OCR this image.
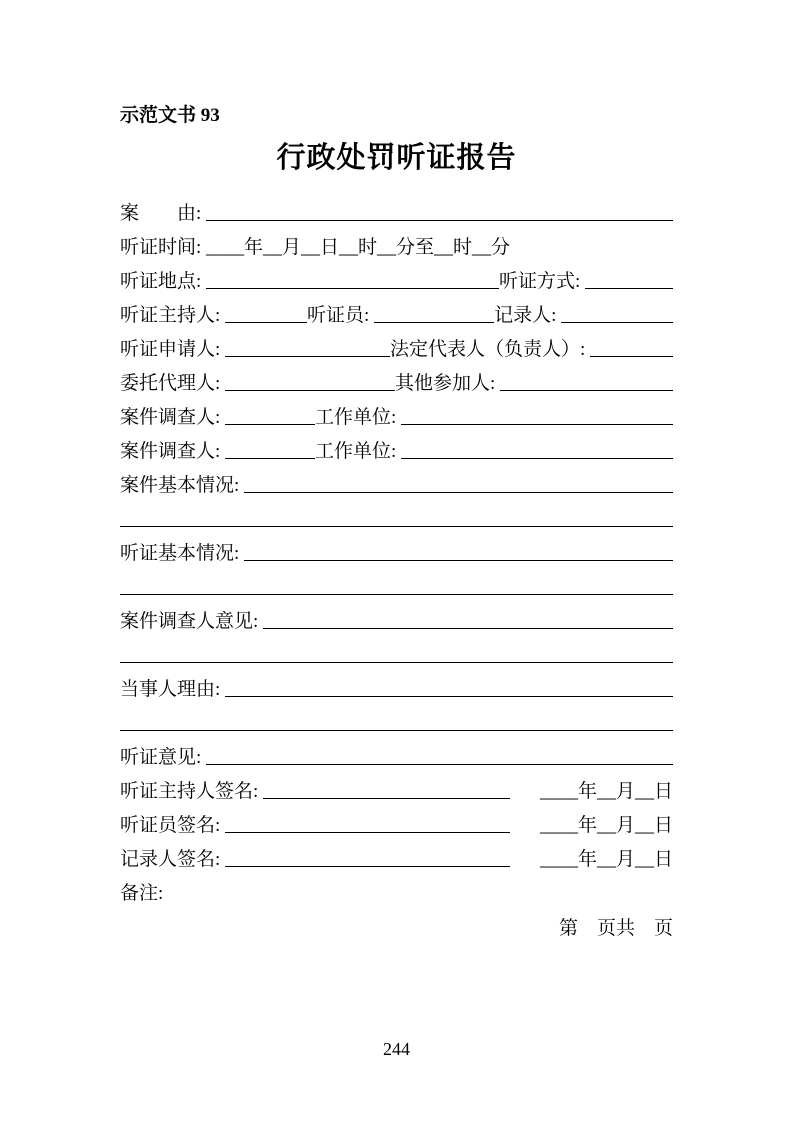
示范文书 93
行政处罚听证报告
案　　由:
听证时间: ____年__月__日__时__分至__时__分
听证地点:	听证方式:
听证主持人:	听证员:	记录人:
听证申请人:	法定代表人（负责人）:
委托代理人:	其他参加人:
案件调查人:	工作单位:
案件调查人:	工作单位:
案件基本情况:
听证基本情况:
案件调查人意见:
当事人理由:
听证意见:
听证主持人签名:	____年__月__日
听证员签名:	____年__月__日
记录人签名:	____年__月__日
备注:
第　页共　页
244
